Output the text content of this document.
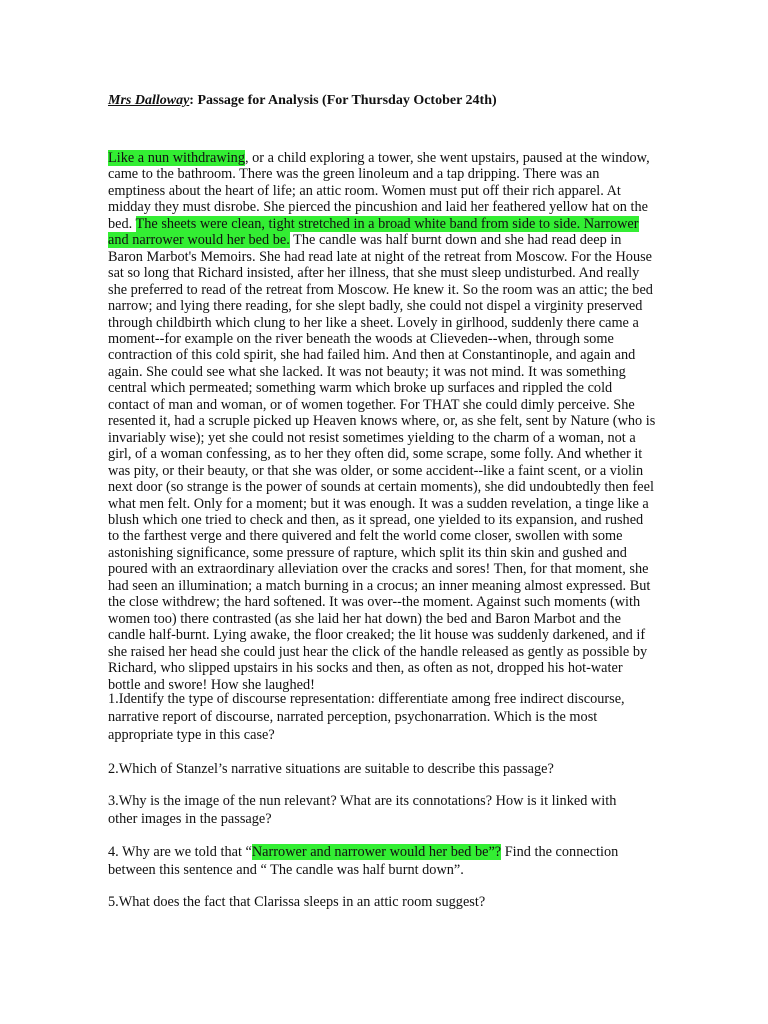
Mrs Dalloway: Passage for Analysis (For Thursday October 24th)
Like a nun withdrawing, or a child exploring a tower, she went upstairs, paused at the window, came to the bathroom. There was the green linoleum and a tap dripping. There was an emptiness about the heart of life; an attic room. Women must put off their rich apparel. At midday they must disrobe. She pierced the pincushion and laid her feathered yellow hat on the bed. The sheets were clean, tight stretched in a broad white band from side to side. Narrower and narrower would her bed be. The candle was half burnt down and she had read deep in Baron Marbot's Memoirs. She had read late at night of the retreat from Moscow. For the House sat so long that Richard insisted, after her illness, that she must sleep undisturbed. And really she preferred to read of the retreat from Moscow. He knew it. So the room was an attic; the bed narrow; and lying there reading, for she slept badly, she could not dispel a virginity preserved through childbirth which clung to her like a sheet. Lovely in girlhood, suddenly there came a moment--for example on the river beneath the woods at Clieveden--when, through some contraction of this cold spirit, she had failed him. And then at Constantinople, and again and again. She could see what she lacked. It was not beauty; it was not mind. It was something central which permeated; something warm which broke up surfaces and rippled the cold contact of man and woman, or of women together. For THAT she could dimly perceive. She resented it, had a scruple picked up Heaven knows where, or, as she felt, sent by Nature (who is invariably wise); yet she could not resist sometimes yielding to the charm of a woman, not a girl, of a woman confessing, as to her they often did, some scrape, some folly. And whether it was pity, or their beauty, or that she was older, or some accident--like a faint scent, or a violin next door (so strange is the power of sounds at certain moments), she did undoubtedly then feel what men felt. Only for a moment; but it was enough. It was a sudden revelation, a tinge like a blush which one tried to check and then, as it spread, one yielded to its expansion, and rushed to the farthest verge and there quivered and felt the world come closer, swollen with some astonishing significance, some pressure of rapture, which split its thin skin and gushed and poured with an extraordinary alleviation over the cracks and sores! Then, for that moment, she had seen an illumination; a match burning in a crocus; an inner meaning almost expressed. But the close withdrew; the hard softened. It was over--the moment. Against such moments (with women too) there contrasted (as she laid her hat down) the bed and Baron Marbot and the candle half-burnt. Lying awake, the floor creaked; the lit house was suddenly darkened, and if she raised her head she could just hear the click of the handle released as gently as possible by Richard, who slipped upstairs in his socks and then, as often as not, dropped his hot-water bottle and swore! How she laughed!
1.Identify the type of discourse representation: differentiate among free indirect discourse, narrative report of discourse, narrated perception, psychonarration. Which is the most appropriate type in this case?
2.Which of Stanzel’s narrative situations are suitable to describe this passage?
3.Why is the image of the nun relevant? What are its connotations? How is it linked with other images in the passage?
4. Why are we told that “Narrower and narrower would her bed be”? Find the connection between this sentence and “ The candle was half burnt down”.
5.What does the fact that Clarissa sleeps in an attic room suggest?
